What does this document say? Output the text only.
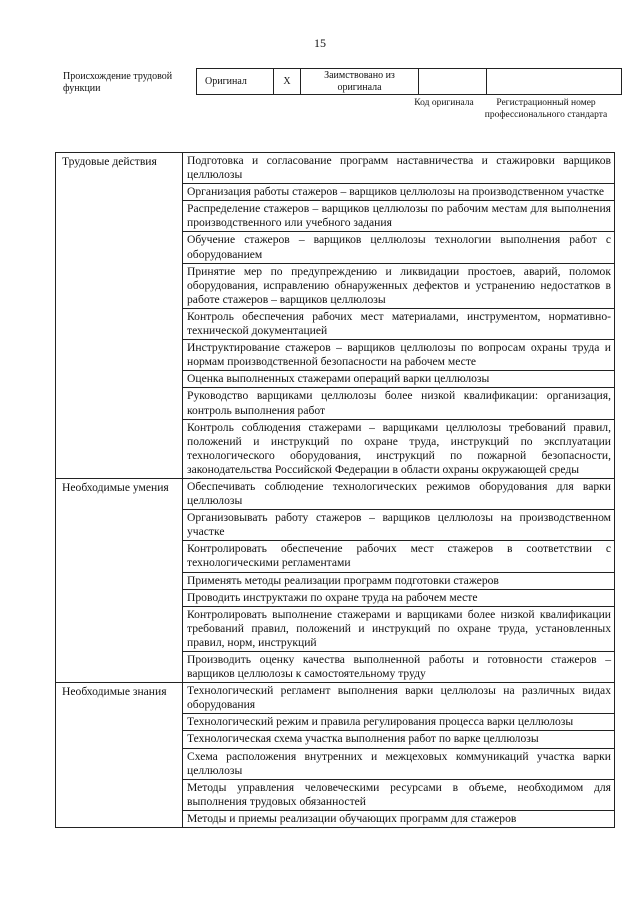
15
Происхождение трудовой функции
Оригинал	X	Заимствовано из оригинала		
Код оригинала	Регистрационный номер профессионального стандарта
Трудовые действия	Подготовка и согласование программ наставничества и стажировки варщиков целлюлозы
	Организация работы стажеров – варщиков целлюлозы на производственном участке
	Распределение стажеров – варщиков целлюлозы по рабочим местам для выполнения производственного или учебного задания
	Обучение стажеров – варщиков целлюлозы технологии выполнения работ с оборудованием
	Принятие мер по предупреждению и ликвидации простоев, аварий, поломок оборудования, исправлению обнаруженных дефектов и устранению недостатков в работе стажеров – варщиков целлюлозы
	Контроль обеспечения рабочих мест материалами, инструментом, нормативно-технической документацией
	Инструктирование стажеров – варщиков целлюлозы по вопросам охраны труда и нормам производственной безопасности на рабочем месте
	Оценка выполненных стажерами операций варки целлюлозы
	Руководство варщиками целлюлозы более низкой квалификации: организация, контроль выполнения работ
	Контроль соблюдения стажерами – варщиками целлюлозы требований правил, положений и инструкций по охране труда, инструкций по эксплуатации технологического оборудования, инструкций по пожарной безопасности, законодательства Российской Федерации в области охраны окружающей среды
Необходимые умения	Обеспечивать соблюдение технологических режимов оборудования для варки целлюлозы
	Организовывать работу стажеров – варщиков целлюлозы на производственном участке
	Контролировать обеспечение рабочих мест стажеров в соответствии с технологическими регламентами
	Применять методы реализации программ подготовки стажеров
	Проводить инструктажи по охране труда на рабочем месте
	Контролировать выполнение стажерами и варщиками более низкой квалификации требований правил, положений и инструкций по охране труда, установленных правил, норм, инструкций
	Производить оценку качества выполненной работы и готовности стажеров – варщиков целлюлозы к самостоятельному труду
Необходимые знания	Технологический регламент выполнения варки целлюлозы на различных видах оборудования
	Технологический режим и правила регулирования процесса варки целлюлозы
	Технологическая схема участка выполнения работ по варке целлюлозы
	Схема расположения внутренних и межцеховых коммуникаций участка варки целлюлозы
	Методы управления человеческими ресурсами в объеме, необходимом для выполнения трудовых обязанностей
	Методы и приемы реализации обучающих программ для стажеров
